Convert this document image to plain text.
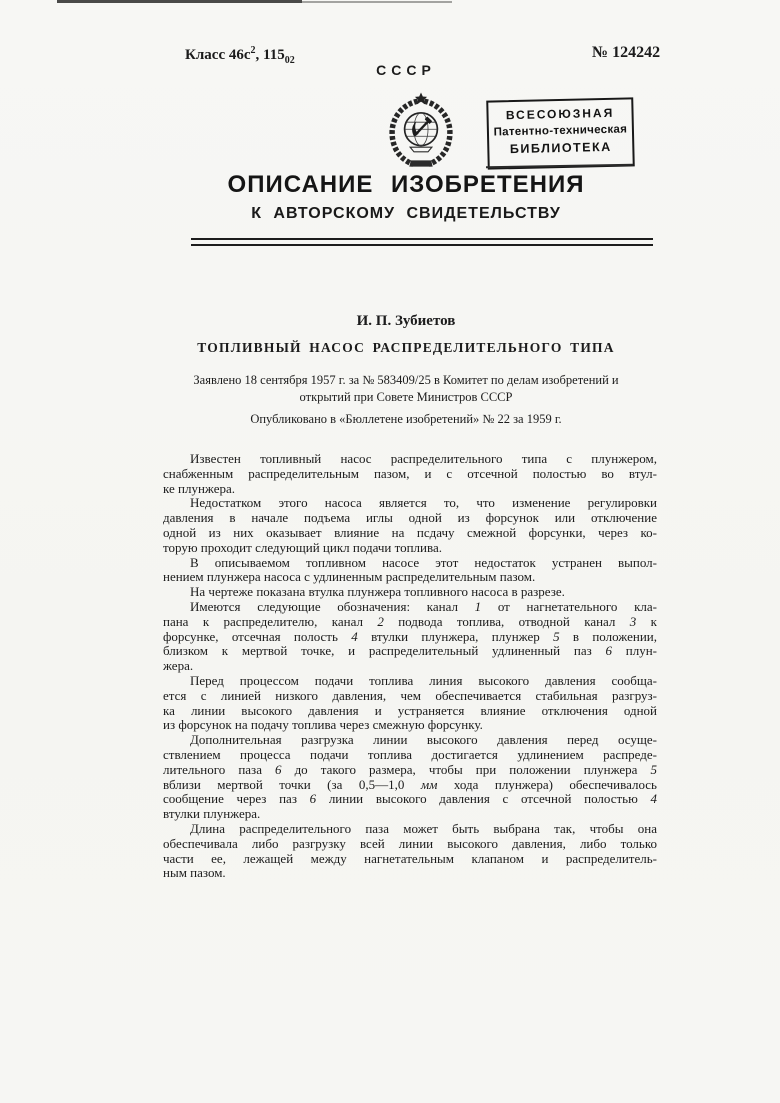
Класс $46с^2$, $115_{02}$	№ 124242
СССР
ВСЕСОЮЗНАЯ
Патентно-техническая
БИБЛИОТЕКА
ОПИСАНИЕ ИЗОБРЕТЕНИЯ
К АВТОРСКОМУ СВИДЕТЕЛЬСТВУ
И. П. Зубиетов
ТОПЛИВНЫЙ НАСОС РАСПРЕДЕЛИТЕЛЬНОГО ТИПА
Заявлено 18 сентября 1957 г. за № 583409/25 в Комитет по делам изобретений и
открытий при Совете Министров СССР
Опубликовано в «Бюллетене изобретений» № 22 за 1959 г.
Известен топливный насос распределительного типа с плунжером,
снабженным распределительным пазом, и с отсечной полостью во втул-
ке плунжера.
Недостатком этого насоса является то, что изменение регулировки
давления в начале подъема иглы одной из форсунок или отключение
одной из них оказывает влияние на псдачу смежной форсунки, через ко-
торую проходит следующий цикл подачи топлива.
В описываемом топливном насосе этот недостаток устранен выпол-
нением плунжера насоса с удлиненным распределительным пазом.
На чертеже показана втулка плунжера топливного насоса в разрезе.
Имеются следующие обозначения: канал 1 от нагнетательного кла-
пана к распределителю, канал 2 подвода топлива, отводной канал 3 к
форсунке, отсечная полость 4 втулки плунжера, плунжер 5 в положении,
близком к мертвой точке, и распределительный удлиненный паз 6 плун-
жера.
Перед процессом подачи топлива линия высокого давления сообща-
ется с линией низкого давления, чем обеспечивается стабильная разгруз-
ка линии высокого давления и устраняется влияние отключения одной
из форсунок на подачу топлива через смежную форсунку.
Дополнительная разгрузка линии высокого давления перед осуще-
ствлением процесса подачи топлива достигается удлинением распреде-
лительного паза 6 до такого размера, чтобы при положении плунжера 5
вблизи мертвой точки (за 0,5—1,0 мм хода плунжера) обеспечивалось
сообщение через паз 6 линии высокого давления с отсечной полостью 4
втулки плунжера.
Длина распределительного паза может быть выбрана так, чтобы она
обеспечивала либо разгрузку всей линии высокого давления, либо только
части ее, лежащей между нагнетательным клапаном и распределитель-
ным пазом.
